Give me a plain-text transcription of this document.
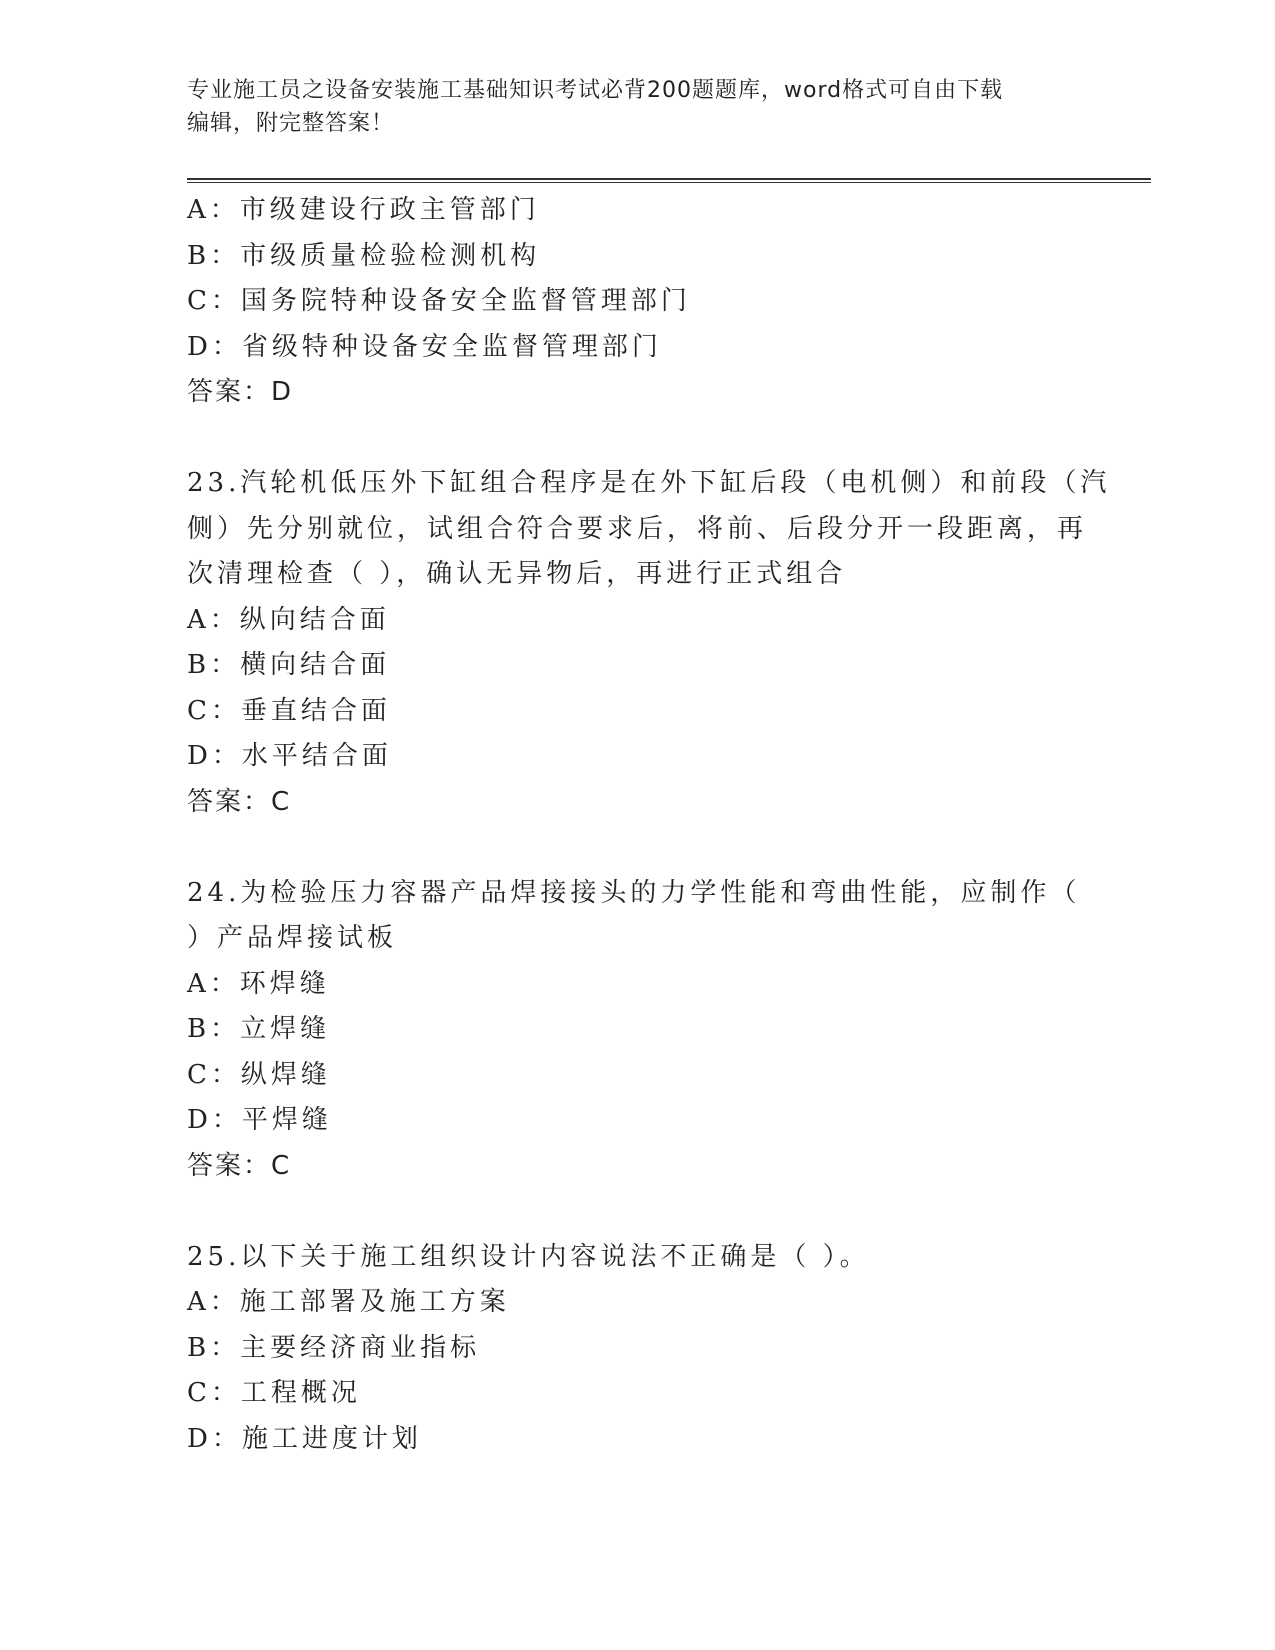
专业施工员之设备安装施工基础知识考试必背200题题库，word格式可自由下载
编辑，附完整答案！
A：市级建设行政主管部门
B：市级质量检验检测机构
C：国务院特种设备安全监督管理部门
D：省级特种设备安全监督管理部门
答案：D
23.汽轮机低压外下缸组合程序是在外下缸后段（电机侧）和前段（汽
侧）先分别就位，试组合符合要求后，将前、后段分开一段距离，再
次清理检查（ ），确认无异物后，再进行正式组合
A：纵向结合面
B：横向结合面
C：垂直结合面
D：水平结合面
答案：C
24.为检验压力容器产品焊接接头的力学性能和弯曲性能，应制作（
）产品焊接试板
A：环焊缝
B：立焊缝
C：纵焊缝
D：平焊缝
答案：C
25.以下关于施工组织设计内容说法不正确是（ ）。
A：施工部署及施工方案
B：主要经济商业指标
C：工程概况
D：施工进度计划
